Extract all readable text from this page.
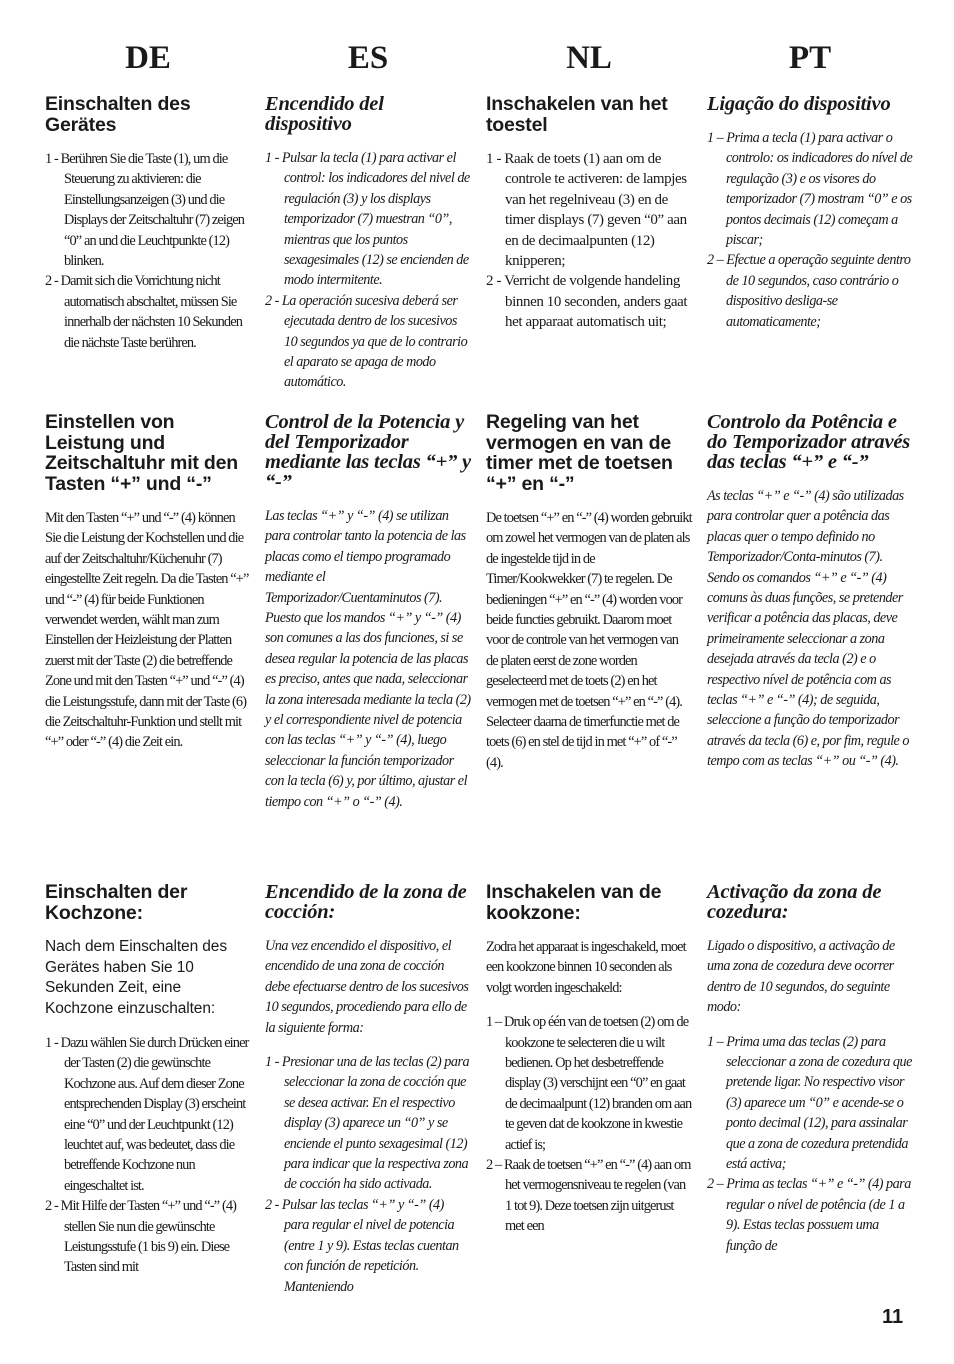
DE

Einschalten des Gerätes

1 - Berühren Sie die Taste (1), um die Steuerung zu aktivieren: die Einstellungsanzeigen (3) und die Displays der Zeitschaltuhr (7) zeigen “0” an und die Leuchtpunkte (12) blinken.
2 - Damit sich die Vorrichtung nicht automatisch abschaltet, müssen Sie innerhalb der nächsten 10 Sekunden die nächste Taste berühren.

Einstellen von Leistung und Zeitschaltuhr mit den Tasten “+” und “-”

Mit den Tasten “+” und “-” (4) können Sie die Leistung der Kochstellen und die auf der Zeitschaltuhr/Küchenuhr (7) eingestellte Zeit regeln. Da die Tasten “+” und “-” (4) für beide Funktionen verwendet werden, wählt man zum Einstellen der Heizleistung der Platten zuerst mit der Taste (2) die betreffende Zone und mit den Tasten “+” und “-” (4) die Leistungsstufe, dann mit der Taste (6) die Zeitschaltuhr-Funktion und stellt mit “+” oder “-” (4) die Zeit ein.

Einschalten der Kochzone:

Nach dem Einschalten des Gerätes haben Sie 10 Sekunden Zeit, eine Kochzone einzuschalten:

1 - Dazu wählen Sie durch Drücken einer der Tasten (2) die gewünschte Kochzone aus. Auf dem dieser Zone entsprechenden Display (3) erscheint eine “0” und der Leuchtpunkt (12) leuchtet auf, was bedeutet, dass die betreffende Kochzone nun eingeschaltet ist.
2 - Mit Hilfe der Tasten “+” und “-” (4) stellen Sie nun die gewünschte Leistungsstufe (1 bis 9) ein. Diese Tasten sind mit
ES

Encendido del dispositivo

1 - Pulsar la tecla (1) para activar el control: los indicadores del nivel de regulación (3) y los displays temporizador (7) muestran “0”, mientras que los puntos sexagesimales (12) se encienden de modo intermitente.
2 - La operación sucesiva deberá ser ejecutada dentro de los sucesivos 10 segundos ya que de lo contrario el aparato se apaga de modo automático.

Control de la Potencia y del Temporizador mediante las teclas “+” y “-”

Las teclas “+” y “-” (4) se utilizan para controlar tanto la potencia de las placas como el tiempo programado mediante el Temporizador/Cuentaminutos (7). Puesto que los mandos “+” y “-” (4) son comunes a las dos funciones, si se desea regular la potencia de las placas es preciso, antes que nada, seleccionar la zona interesada mediante la tecla (2) y el correspondiente nivel de potencia con las teclas “+” y “-” (4), luego seleccionar la función temporizador con la tecla (6) y, por último, ajustar el tiempo con “+” o “-” (4).

Encendido de la zona de cocción:

Una vez encendido el dispositivo, el encendido de una zona de cocción debe efectuarse dentro de los sucesivos 10 segundos, procediendo para ello de la siguiente forma:

1 - Presionar una de las teclas (2) para seleccionar la zona de cocción que se desea activar. En el respectivo display (3) aparece un “0” y se enciende el punto sexagesimal (12) para indicar que la respectiva zona de cocción ha sido activada.
2 - Pulsar las teclas “+” y “-” (4) para regular el nivel de potencia (entre 1 y 9). Estas teclas cuentan con función de repetición. Manteniendo
NL

Inschakelen van het toestel

1 - Raak de toets (1) aan om de controle te activeren: de lampjes van het regelniveau (3) en de timer displays (7) geven “0” aan en de decimaalpunten (12) knipperen;
2 - Verricht de volgende handeling binnen 10 seconden, anders gaat het apparaat automatisch uit;

Regeling van het vermogen en van de timer met de toetsen “+” en “-”

De toetsen “+” en “-” (4) worden gebruikt om zowel het vermogen van de platen als de ingestelde tijd in de Timer/Kookwekker (7) te regelen. De bedieningen “+” en “-” (4) worden voor beide functies gebruikt. Daarom moet voor de controle van het vermogen van de platen eerst de zone worden geselecteerd met de toets (2) en het vermogen met de toetsen “+” en “-” (4). Selecteer daarna de timerfunctie met de toets (6) en stel de tijd in met “+” of “-” (4).

Inschakelen van de kookzone:

Zodra het apparaat is ingeschakeld, moet een kookzone binnen 10 seconden als volgt worden ingeschakeld:

1 – Druk op één van de toetsen (2) om de kookzone te selecteren die u wilt bedienen. Op het desbetreffende display (3) verschijnt een “0” en gaat de decimaalpunt (12) branden om aan te geven dat de kookzone in kwestie actief is;
2 – Raak de toetsen “+” en “-” (4) aan om het vermogensniveau te regelen (van 1 tot 9). Deze toetsen zijn uitgerust met een
PT

Ligação do dispositivo

1 – Prima a tecla (1) para activar o controlo: os indicadores do nível de regulação (3) e os visores do temporizador (7) mostram “0” e os pontos decimais (12) começam a piscar;
2 – Efectue a operação seguinte dentro de 10 segundos, caso contrário o dispositivo desliga-se automaticamente;

Controlo da Potência e do Temporizador através das teclas “+” e “-”

As teclas “+” e “-” (4) são utilizadas para controlar quer a potência das placas quer o tempo definido no Temporizador/Conta-minutos (7). Sendo os comandos “+” e “-” (4) comuns às duas funções, se pretender verificar a potência das placas, deve primeiramente seleccionar a zona desejada através da tecla (2) e o respectivo nível de potência com as teclas “+” e “-” (4); de seguida, seleccione a função do temporizador através da tecla (6) e, por fim, regule o tempo com as teclas “+” ou “-” (4).

Activação da zona de cozedura:

Ligado o dispositivo, a activação de uma zona de cozedura deve ocorrer dentro de 10 segundos, do seguinte modo:

1 – Prima uma das teclas (2) para seleccionar a zona de cozedura que pretende ligar. No respectivo visor (3) aparece um “0” e acende-se o ponto decimal (12), para assinalar que a zona de cozedura pretendida está activa;
2 – Prima as teclas “+” e “-” (4) para regular o nível de potência (de 1 a 9). Estas teclas possuem uma função de
11
